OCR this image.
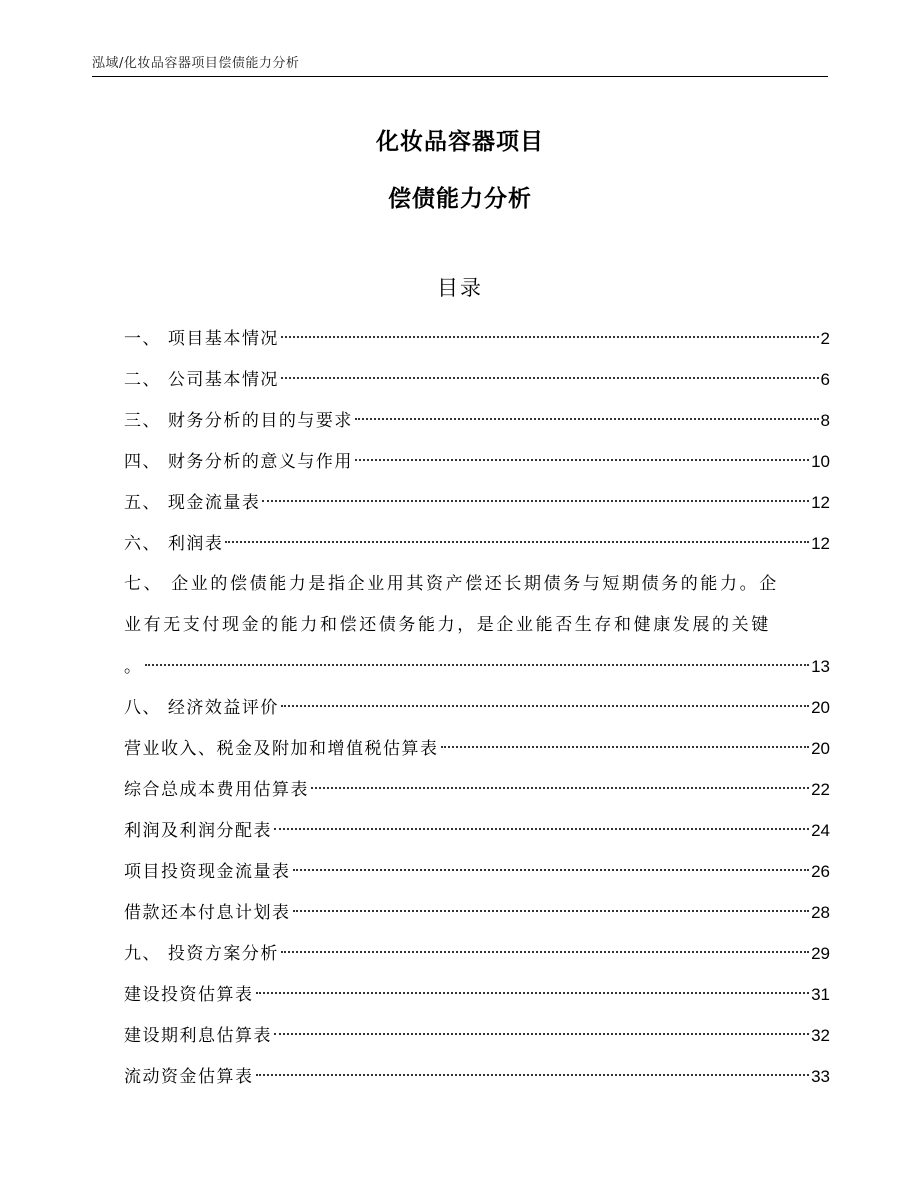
泓域/化妆品容器项目偿债能力分析
化妆品容器项目
偿债能力分析
目录
一、 项目基本情况	2
二、 公司基本情况	6
三、 财务分析的目的与要求	8
四、 财务分析的意义与作用	10
五、 现金流量表	12
六、 利润表	12
七、 企业的偿债能力是指企业用其资产偿还长期债务与短期债务的能力。企
业有无支付现金的能力和偿还债务能力，是企业能否生存和健康发展的关键
。	13
八、 经济效益评价	20
营业收入、税金及附加和增值税估算表	20
综合总成本费用估算表	22
利润及利润分配表	24
项目投资现金流量表	26
借款还本付息计划表	28
九、 投资方案分析	29
建设投资估算表	31
建设期利息估算表	32
流动资金估算表	33
